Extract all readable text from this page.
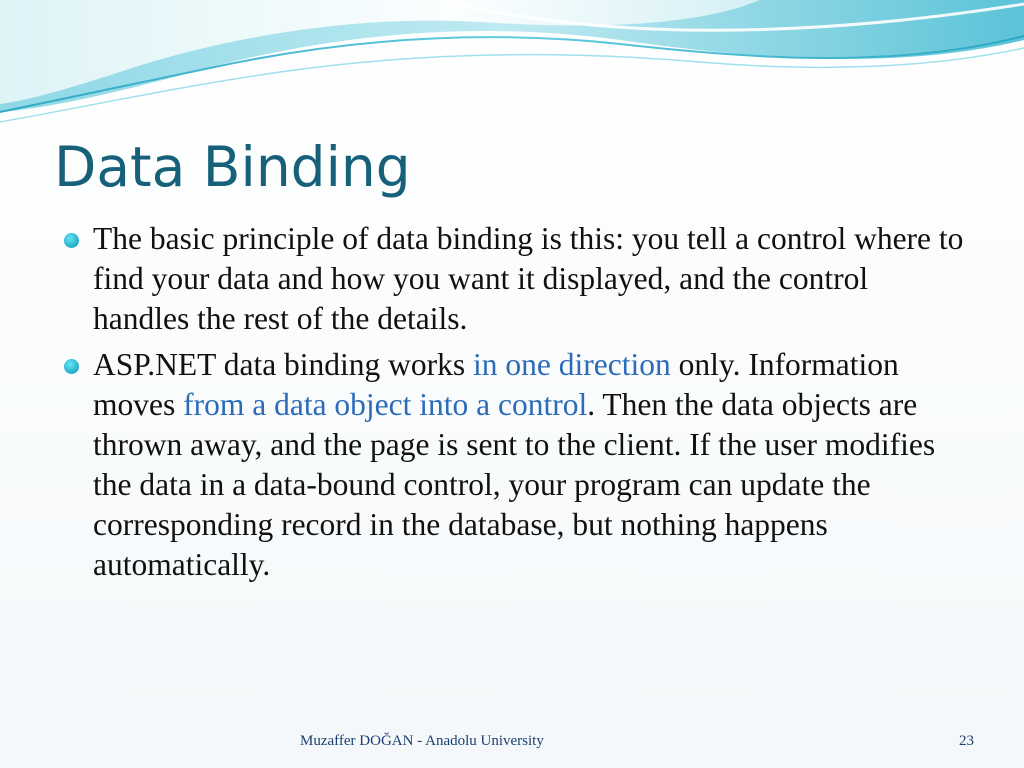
Data Binding
The basic principle of data binding is this: you tell a control where to find your data and how you want it displayed, and the control handles the rest of the details.
ASP.NET data binding works in one direction only. Information moves from a data object into a control. Then the data objects are thrown away, and the page is sent to the client. If the user modifies the data in a data-bound control, your program can update the corresponding record in the database, but nothing happens automatically.
Muzaffer DOĞAN - Anadolu University	23
